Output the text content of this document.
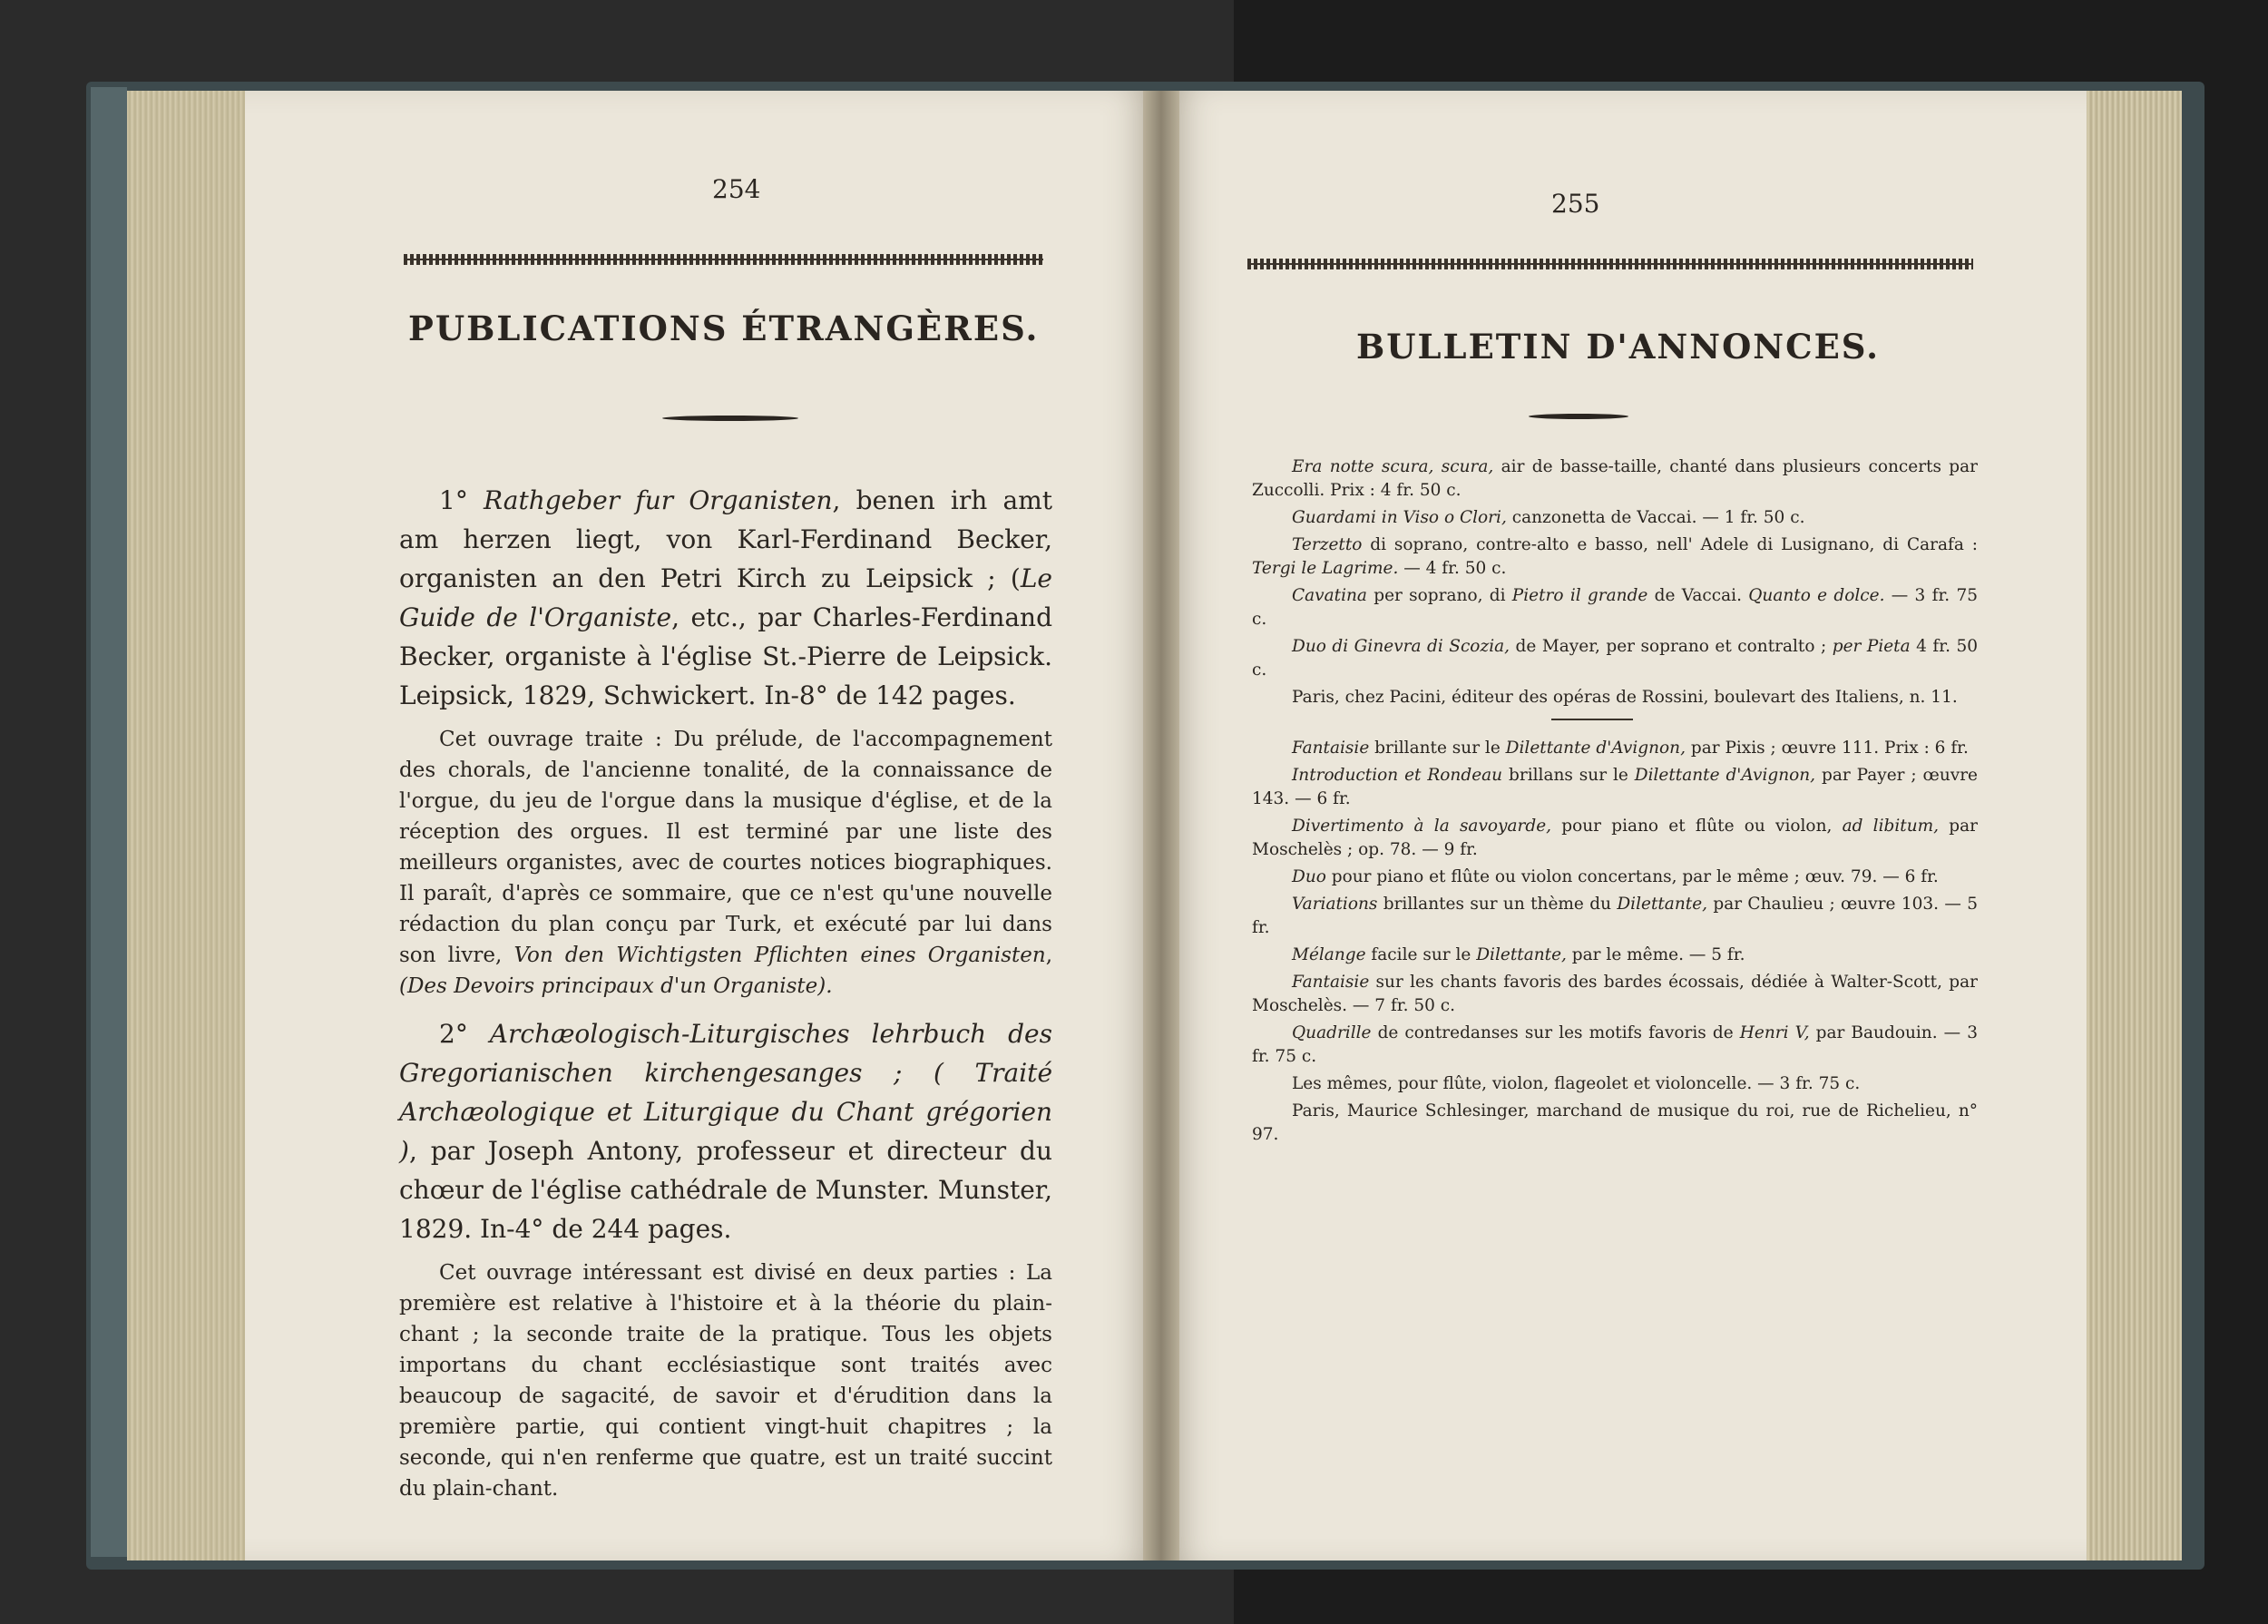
254
PUBLICATIONS ÉTRANGÈRES.

1° Rathgeber fur Organisten, benen irh amt am herzen liegt, von Karl-Ferdinand Becker, organisten an den Petri Kirch zu Leipsick ; (Le Guide de l'Organiste, etc., par Charles-Ferdinand Becker, organiste à l'église St.-Pierre de Leipsick. Leipsick, 1829, Schwickert. In-8° de 142 pages.

Cet ouvrage traite : Du prélude, de l'accompagnement des chorals, de l'ancienne tonalité, de la connaissance de l'orgue, du jeu de l'orgue dans la musique d'église, et de la réception des orgues. Il est terminé par une liste des meilleurs organistes, avec de courtes notices biographiques. Il paraît, d'après ce sommaire, que ce n'est qu'une nouvelle rédaction du plan conçu par Turk, et exécuté par lui dans son livre, Von den Wichtigsten Pflichten eines Organisten, (Des Devoirs principaux d'un Organiste).

2° Archæologisch-Liturgisches lehrbuch des Gregorianischen kirchengesanges ; ( Traité Archæologique et Liturgique du Chant grégorien ), par Joseph Antony, professeur et directeur du chœur de l'église cathédrale de Munster. Munster, 1829. In-4° de 244 pages.

Cet ouvrage intéressant est divisé en deux parties : La première est relative à l'histoire et à la théorie du plain-chant ; la seconde traite de la pratique. Tous les objets importans du chant ecclésiastique sont traités avec beaucoup de sagacité, de savoir et d'érudition dans la première partie, qui contient vingt-huit chapitres ; la seconde, qui n'en renferme que quatre, est un traité succint du plain-chant.

255
BULLETIN D'ANNONCES.

Era notte scura, scura, air de basse-taille, chanté dans plusieurs concerts par Zuccolli. Prix : 4 fr. 50 c.

Guardami in Viso o Clori, canzonetta de Vaccai. — 1 fr. 50 c.

Terzetto di soprano, contre-alto e basso, nell' Adele di Lusignano, di Carafa : Tergi le Lagrime. — 4 fr. 50 c.

Cavatina per soprano, di Pietro il grande de Vaccai. Quanto e dolce. — 3 fr. 75 c.

Duo di Ginevra di Scozia, de Mayer, per soprano et contralto ; per Pieta 4 fr. 50 c.

Paris, chez Pacini, éditeur des opéras de Rossini, boulevart des Italiens, n. 11.

Fantaisie brillante sur le Dilettante d'Avignon, par Pixis ; œuvre 111. Prix : 6 fr.

Introduction et Rondeau brillans sur le Dilettante d'Avignon, par Payer ; œuvre 143. — 6 fr.

Divertimento à la savoyarde, pour piano et flûte ou violon, ad libitum, par Moschelès ; op. 78. — 9 fr.

Duo pour piano et flûte ou violon concertans, par le même ; œuv. 79. — 6 fr.

Variations brillantes sur un thème du Dilettante, par Chaulieu ; œuvre 103. — 5 fr.

Mélange facile sur le Dilettante, par le même. — 5 fr.

Fantaisie sur les chants favoris des bardes écossais, dédiée à Walter-Scott, par Moschelès. — 7 fr. 50 c.

Quadrille de contredanses sur les motifs favoris de Henri V, par Baudouin. — 3 fr. 75 c.

Les mêmes, pour flûte, violon, flageolet et violoncelle. — 3 fr. 75 c.

Paris, Maurice Schlesinger, marchand de musique du roi, rue de Richelieu, n° 97.
